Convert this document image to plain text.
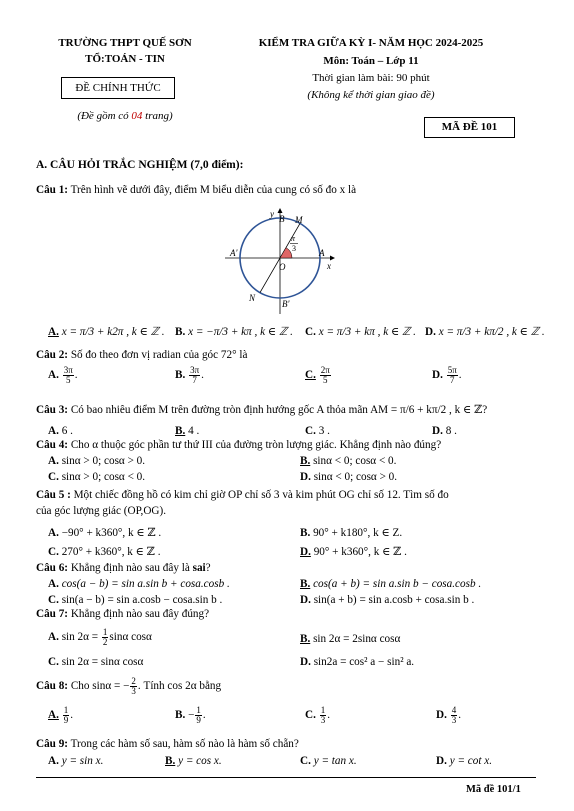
TRƯỜNG THPT QUẾ SƠN
TỔ:TOÁN - TIN
ĐỀ CHÍNH THỨC
(Đề gồm có 04 trang)
KIỂM TRA GIỮA KỲ I- NĂM HỌC 2024-2025
Môn: Toán – Lớp 11
Thời gian làm bài: 90 phút
(Không kể thời gian giao đề)
MÃ ĐỀ 101
A. CÂU HỎI TRẮC NGHIỆM (7,0 điểm):
Câu 1: Trên hình vẽ dưới đây, điểm M biểu diễn của cung có số đo x là
B M
y
π
3
A'	A
x
O
N
B'
A. x = π/3 + k2π , k ∈ ℤ . B. x = −π/3 + kπ , k ∈ ℤ . C. x = π/3 + kπ , k ∈ ℤ . D. x = π/3 + kπ/2 , k ∈ ℤ .
Câu 2: Số đo theo đơn vị radian của góc 72° là
A. $\frac{3\pi}{5}$ .	B. $\frac{3\pi}{7}$ .	C. $\frac{2\pi}{5}$	D. $\frac{5\pi}{7}$ .
Câu 3: Có bao nhiêu điểm M trên đường tròn định hướng gốc A thỏa mãn AM = π/6 + kπ/2 , k ∈ ℤ?
A. 6 .	B. 4 .	C. 3 .	D. 8 .
Câu 4: Cho α thuộc góc phần tư thứ III của đường tròn lượng giác. Khẳng định nào đúng?
A. sinα > 0; cosα > 0.	B. sinα < 0; cosα < 0.
C. sinα > 0; cosα < 0.	D. sinα < 0; cosα > 0.
Câu 5 : Một chiếc đồng hồ có kim chỉ giờ OP chỉ số 3 và kim phút OG chỉ số 12. Tìm số đo
của góc lượng giác (OP,OG).
A. −90° + k360°, k ∈ ℤ .	B. 90° + k180°, k ∈ Z.
C. 270° + k360°, k ∈ ℤ .	D. 90° + k360°, k ∈ ℤ .
Câu 6: Khẳng định nào sau đây là sai?
A. cos(a − b) = sin a.sin b + cosa.cosb .	B. cos(a + b) = sin a.sin b − cosa.cosb .
C. sin(a − b) = sin a.cosb − cosa.sin b .	D. sin(a + b) = sin a.cosb + cosa.sin b .
Câu 7: Khẳng định nào sau đây đúng?
A. $\sin 2\alpha = \frac{1}{2}$ sinα cosα	B. sin 2α = 2sinα cosα
C. sin 2α = sinα cosα	D. sin2a = cos² a − sin² a.
Câu 8: Cho sinα = − $\frac{2}{3}$ . Tính cos 2α bằng
A. $\frac{1}{9}$ .	B. − $\frac{1}{9}$ .	C. $\frac{1}{3}$ .	D. $\frac{4}{3}$ .
Câu 9: Trong các hàm số sau, hàm số nào là hàm số chẵn?
A. y = sin x.	B. y = cos x.	C. y = tan x.	D. y = cot x.
Mã đề 101/1
